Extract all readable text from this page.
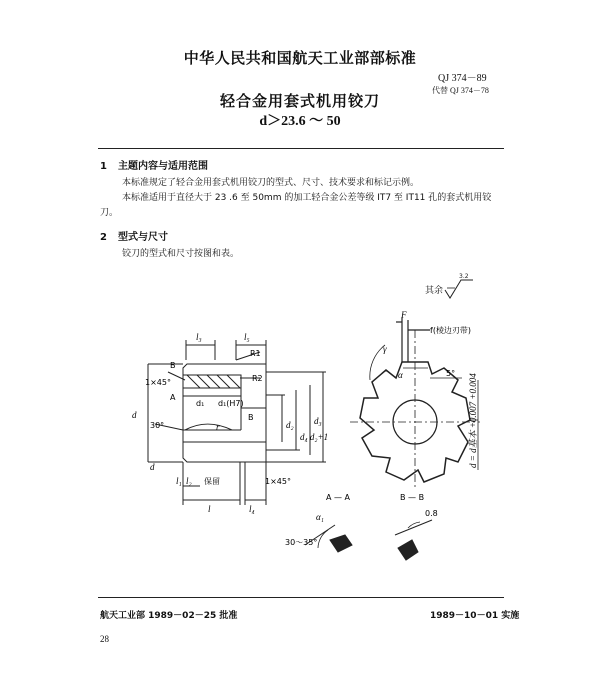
中华人民共和国航天工业部部标准
QJ 374－89
代替 QJ 374－78
轻合金用套式机用铰刀
d＞23.6 ～ 50
1 主题内容与适用范围
本标准规定了轻合金用套式机用铰刀的型式、尺寸、技术要求和标记示例。
本标准适用于直径大于 23 .6 至 50mm 的加工轻合金公差等级 IT7 至 IT11 孔的套式机用铰
刀。
2 型式与尺寸
铰刀的型式和尺寸按图和表。
其余
3.2
l₃	l₅
B
R1
R2
1×45°
A
d
d₁ d₁(H7)
B
d₂
d₄ d₂+1
d₃
30°	r
d
l₁ l₂ 保留
l	l₄
1×45°
F
f(棱边刃带)
γ
α	5° d = d基本 +0.007 +0.004
A — A	B — B
30～35°
α₁	0.8
航天工业部 1989－02－25 批准	1989－10－01 实施
28
